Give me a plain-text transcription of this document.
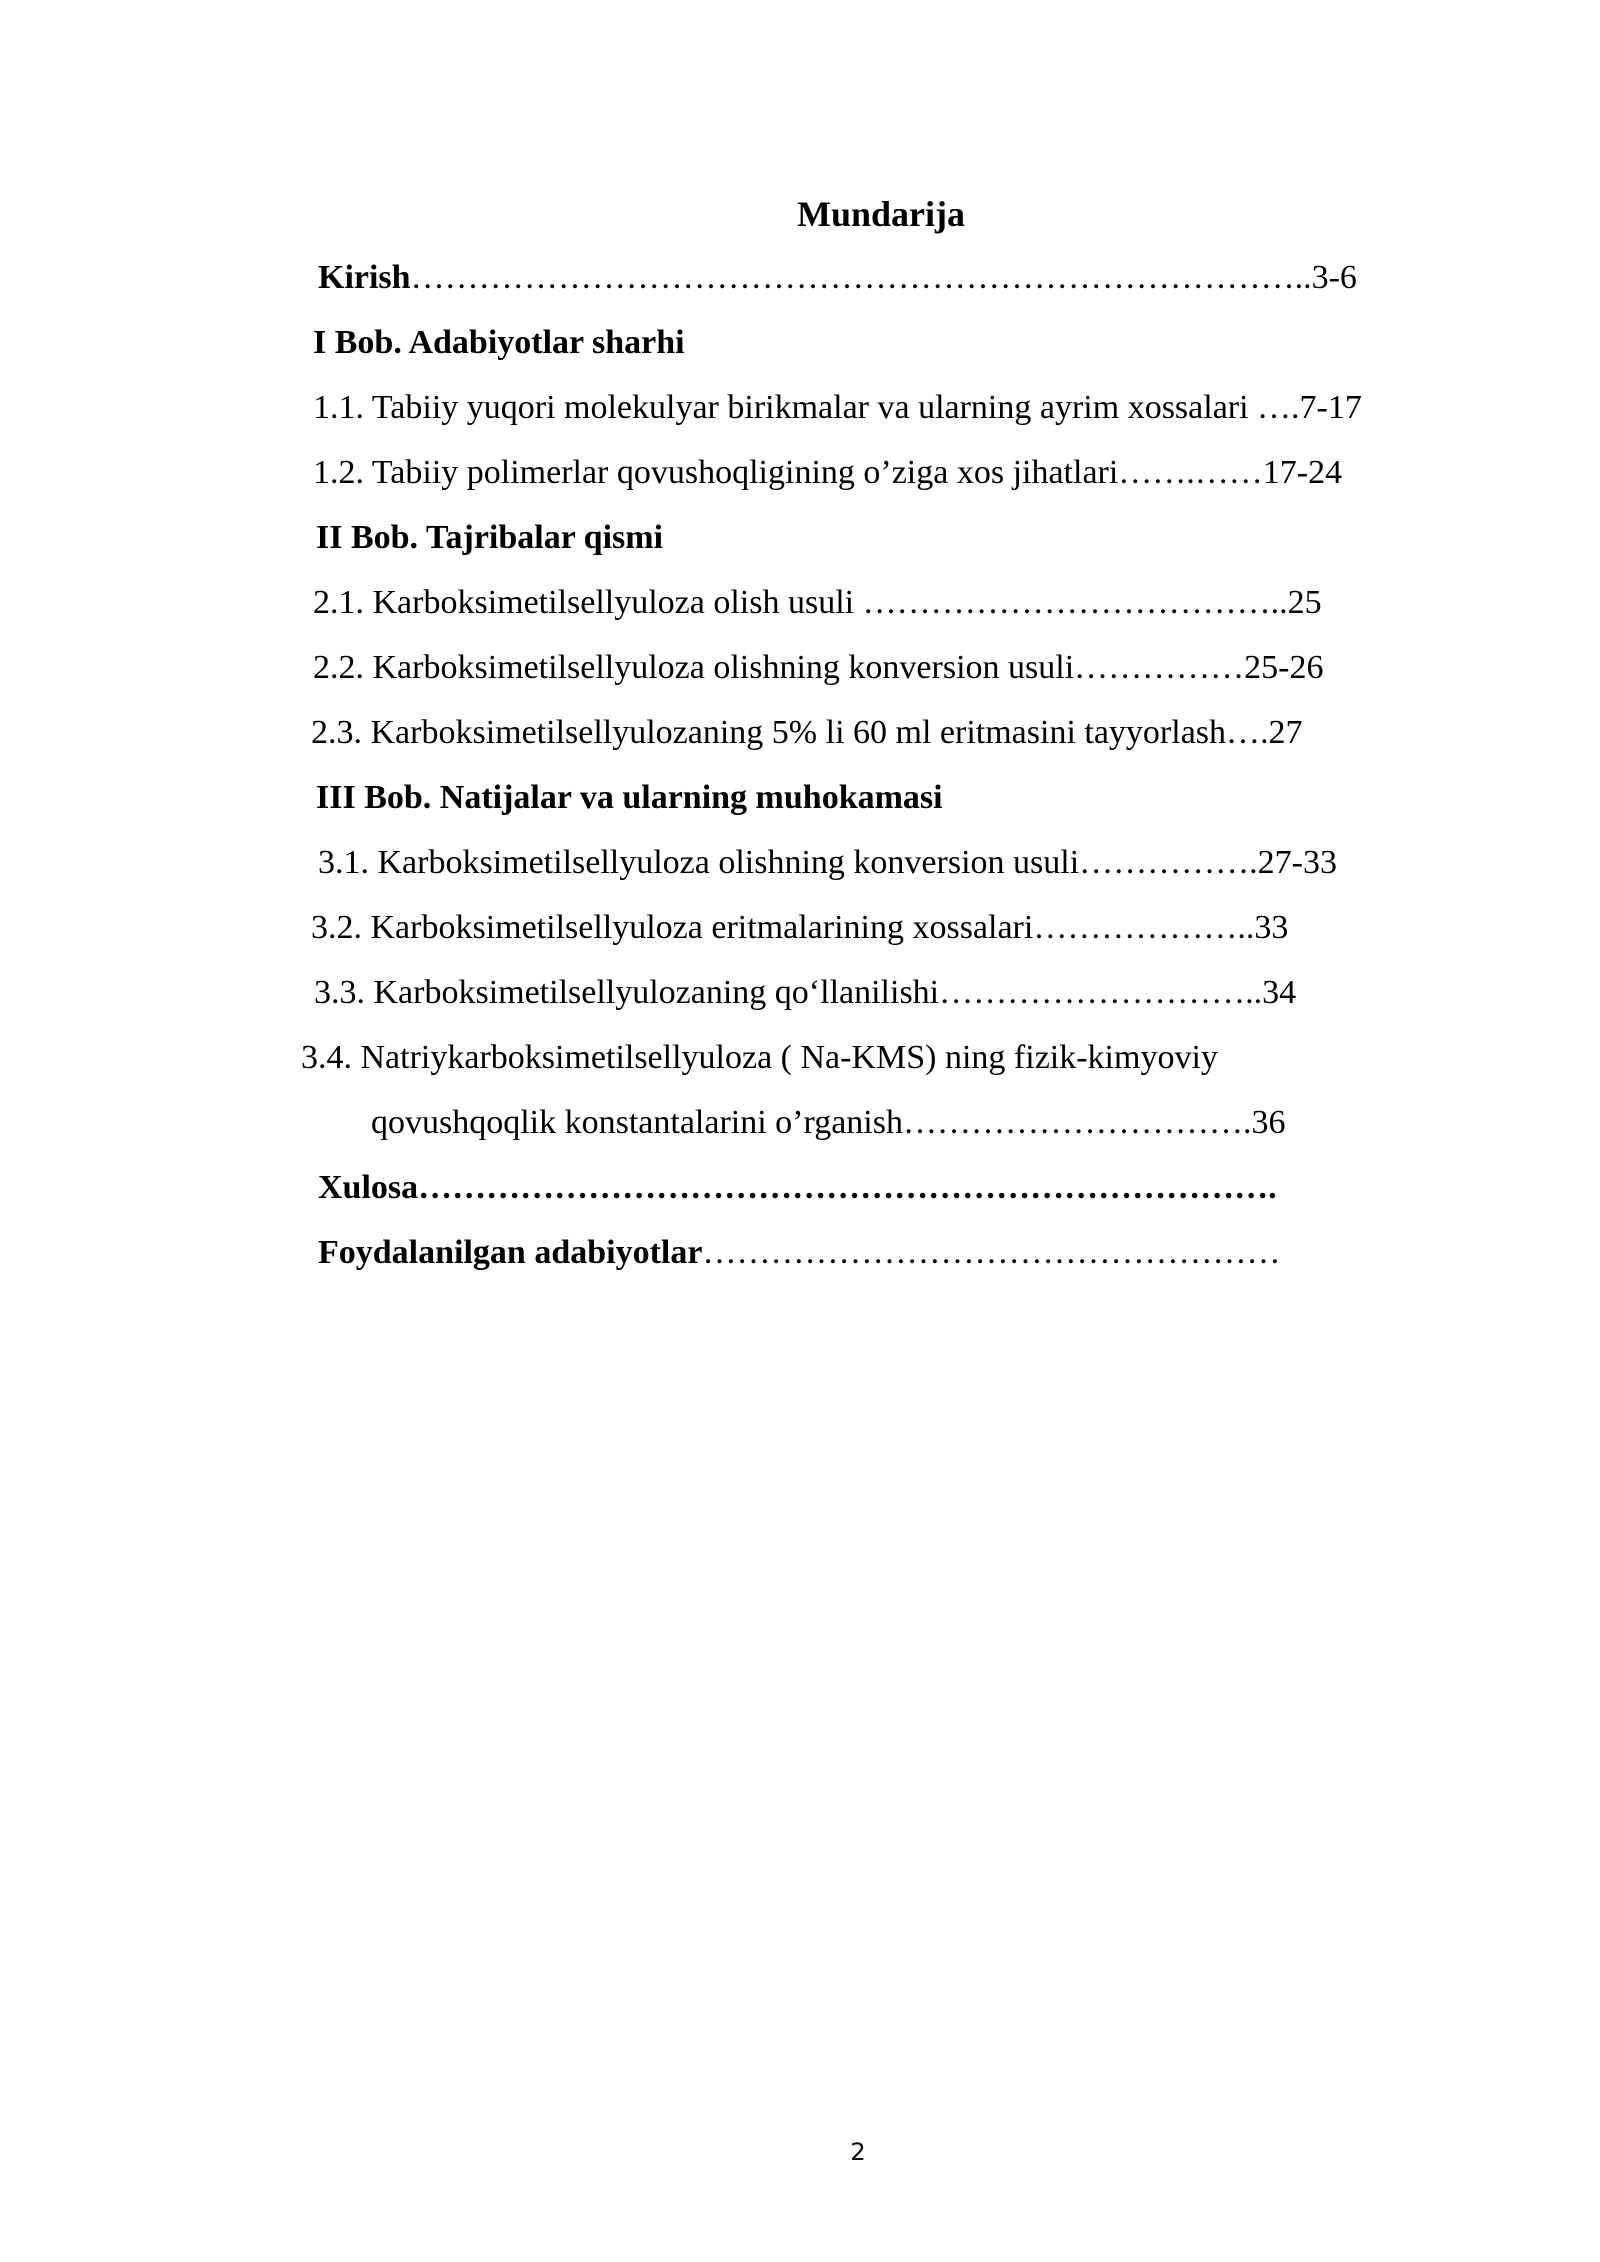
Mundarija
Kirish……………………………………………………………………..3-6
I Bob. Adabiyotlar sharhi
1.1. Tabiiy yuqori molekulyar birikmalar va ularning ayrim xossalari ….7-17
1.2. Tabiiy polimerlar qovushoqligining o’ziga xos jihatlari…….……17-24
II Bob. Tajribalar qismi
2.1. Karboksimetilsellyuloza olish usuli ………………………………..25
2.2. Karboksimetilsellyuloza olishning konversion usuli……………25-26
2.3. Karboksimetilsellyulozaning 5% li 60 ml eritmasini tayyorlash….27
III Bob. Natijalar va ularning muhokamasi
3.1. Karboksimetilsellyuloza olishning konversion usuli…………….27-33
3.2. Karboksimetilsellyuloza eritmalarining xossalari………………..33
3.3. Karboksimetilsellyulozaning qo‘llanilishi………………………..34
3.4. Natriykarboksimetilsellyuloza ( Na-KMS) ning fizik-kimyoviy
qovushqoqlik konstantalarini o’rganish………………………….36
Xulosa………………………………………………………………….
Foydalanilgan adabiyotlar……………………………………………
2
